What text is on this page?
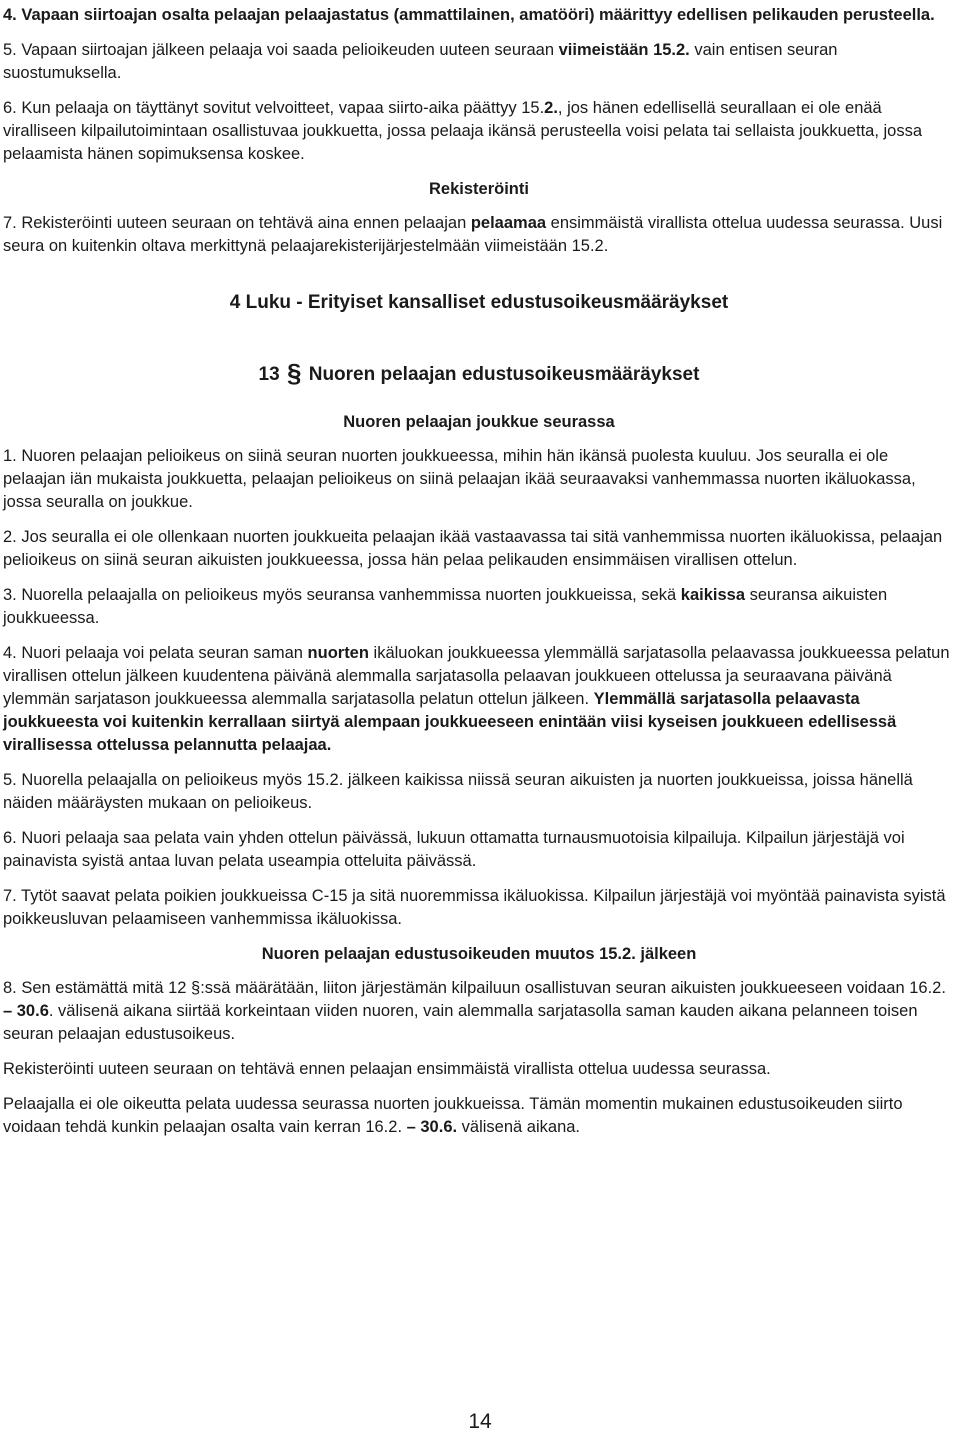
4. Vapaan siirtoajan osalta pelaajan pelaajastatus (ammattilainen, amatööri) määrittyy edellisen pelikauden perusteella.

5. Vapaan siirtoajan jälkeen pelaaja voi saada pelioikeuden uuteen seuraan viimeistään 15.2. vain entisen seuran suostumuksella.

6. Kun pelaaja on täyttänyt sovitut velvoitteet, vapaa siirto-aika päättyy 15.2., jos hänen edellisellä seurallaan ei ole enää viralliseen kilpailutoimintaan osallistuvaa joukkuetta, jossa pelaaja ikänsä perusteella voisi pelata tai sellaista joukkuetta, jossa pelaamista hänen sopimuksensa koskee.

Rekisteröinti

7. Rekisteröinti uuteen seuraan on tehtävä aina ennen pelaajan pelaamaa ensimmäistä virallista ottelua uudessa seurassa. Uusi seura on kuitenkin oltava merkittynä pelaajarekisterijärjestelmään viimeistään 15.2.

4 Luku - Erityiset kansalliset edustusoikeusmääräykset

13 § Nuoren pelaajan edustusoikeusmääräykset

Nuoren pelaajan joukkue seurassa

1. Nuoren pelaajan pelioikeus on siinä seuran nuorten joukkueessa, mihin hän ikänsä puolesta kuuluu. Jos seuralla ei ole pelaajan iän mukaista joukkuetta, pelaajan pelioikeus on siinä pelaajan ikää seuraavaksi vanhemmassa nuorten ikäluokassa, jossa seuralla on joukkue.

2. Jos seuralla ei ole ollenkaan nuorten joukkueita pelaajan ikää vastaavassa tai sitä vanhemmissa nuorten ikäluokissa, pelaajan pelioikeus on siinä seuran aikuisten joukkueessa, jossa hän pelaa pelikauden ensimmäisen virallisen ottelun.

3. Nuorella pelaajalla on pelioikeus myös seuransa vanhemmissa nuorten joukkueissa, sekä kaikissa seuransa aikuisten joukkueessa.

4. Nuori pelaaja voi pelata seuran saman nuorten ikäluokan joukkueessa ylemmällä sarjatasolla pelaavassa joukkueessa pelatun virallisen ottelun jälkeen kuudentena päivänä alemmalla sarjatasolla pelaavan joukkueen ottelussa ja seuraavana päivänä ylemmän sarjatason joukkueessa alemmalla sarjatasolla pelatun ottelun jälkeen. Ylemmällä sarjatasolla pelaavasta joukkueesta voi kuitenkin kerrallaan siirtyä alempaan joukkueeseen enintään viisi kyseisen joukkueen edellisessä virallisessa ottelussa pelannutta pelaajaa.

5. Nuorella pelaajalla on pelioikeus myös 15.2. jälkeen kaikissa niissä seuran aikuisten ja nuorten joukkueissa, joissa hänellä näiden määräysten mukaan on pelioikeus.

6. Nuori pelaaja saa pelata vain yhden ottelun päivässä, lukuun ottamatta turnausmuotoisia kilpailuja. Kilpailun järjestäjä voi painavista syistä antaa luvan pelata useampia otteluita päivässä.

7. Tytöt saavat pelata poikien joukkueissa C-15 ja sitä nuoremmissa ikäluokissa. Kilpailun järjestäjä voi myöntää painavista syistä poikkeusluvan pelaamiseen vanhemmissa ikäluokissa.

Nuoren pelaajan edustusoikeuden muutos 15.2. jälkeen

8. Sen estämättä mitä 12 §:ssä määrätään, liiton järjestämän kilpailuun osallistuvan seuran aikuisten joukkueeseen voidaan 16.2. – 30.6. välisenä aikana siirtää korkeintaan viiden nuoren, vain alemmalla sarjatasolla saman kauden aikana pelanneen toisen seuran pelaajan edustusoikeus.

Rekisteröinti uuteen seuraan on tehtävä ennen pelaajan ensimmäistä virallista ottelua uudessa seurassa.

Pelaajalla ei ole oikeutta pelata uudessa seurassa nuorten joukkueissa. Tämän momentin mukainen edustusoikeuden siirto voidaan tehdä kunkin pelaajan osalta vain kerran 16.2. – 30.6. välisenä aikana.

14
